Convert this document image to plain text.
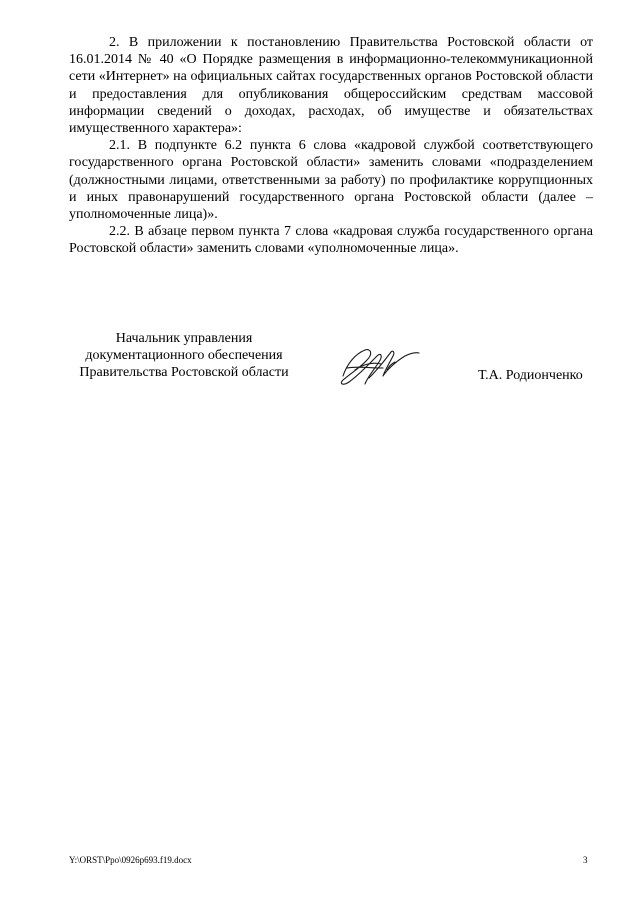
2. В приложении к постановлению Правительства Ростовской области от 16.01.2014 № 40 «О Порядке размещения в информационно-телекоммуникационной сети «Интернет» на официальных сайтах государственных органов Ростовской области и предоставления для опубликования общероссийским средствам массовой информации сведений о доходах, расходах, об имуществе и обязательствах имущественного характера»:

2.1. В подпункте 6.2 пункта 6 слова «кадровой службой соответствующего государственного органа Ростовской области» заменить словами «подразделением (должностными лицами, ответственными за работу) по профилактике коррупционных и иных правонарушений государственного органа Ростовской области (далее – уполномоченные лица)».

2.2. В абзаце первом пункта 7 слова «кадровая служба государственного органа Ростовской области» заменить словами «уполномоченные лица».

Начальник управления
документационного обеспечения
Правительства Ростовской области	Т.А. Родионченко
Y:\ORST\Ppo\0926p693.f19.docx	3
